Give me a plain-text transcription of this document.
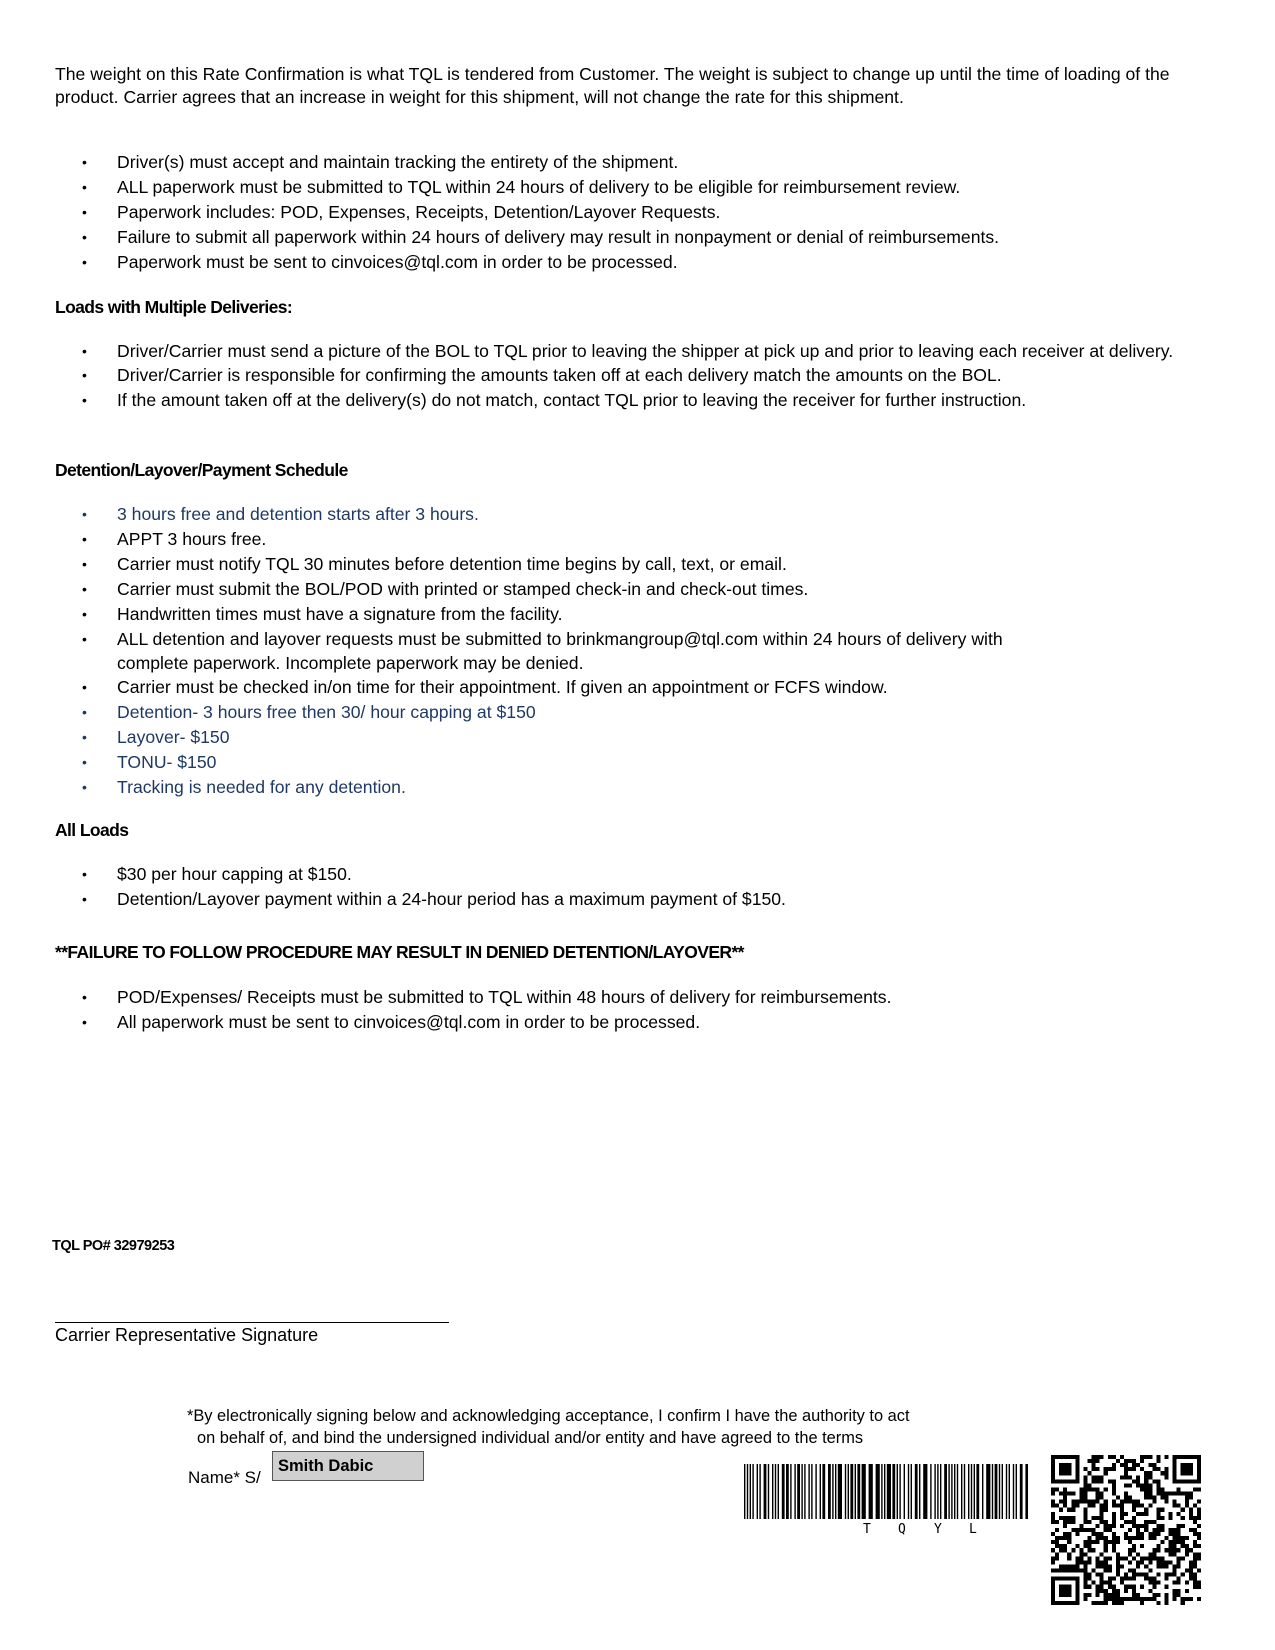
The weight on this Rate Confirmation is what TQL is tendered from Customer. The weight is subject to change up until the time of loading of the product. Carrier agrees that an increase in weight for this shipment, will not change the rate for this shipment.

• Driver(s) must accept and maintain tracking the entirety of the shipment.
• ALL paperwork must be submitted to TQL within 24 hours of delivery to be eligible for reimbursement review.
• Paperwork includes: POD, Expenses, Receipts, Detention/Layover Requests.
• Failure to submit all paperwork within 24 hours of delivery may result in nonpayment or denial of reimbursements.
• Paperwork must be sent to cinvoices@tql.com in order to be processed.
Loads with Multiple Deliveries:
• Driver/Carrier must send a picture of the BOL to TQL prior to leaving the shipper at pick up and prior to leaving each receiver at delivery.
• Driver/Carrier is responsible for confirming the amounts taken off at each delivery match the amounts on the BOL.
• If the amount taken off at the delivery(s) do not match, contact TQL prior to leaving the receiver for further instruction.
Detention/Layover/Payment Schedule
• 3 hours free and detention starts after 3 hours.
• APPT 3 hours free.
• Carrier must notify TQL 30 minutes before detention time begins by call, text, or email.
• Carrier must submit the BOL/POD with printed or stamped check-in and check-out times.
• Handwritten times must have a signature from the facility.
• ALL detention and layover requests must be submitted to brinkmangroup@tql.com within 24 hours of delivery with complete paperwork. Incomplete paperwork may be denied.
• Carrier must be checked in/on time for their appointment. If given an appointment or FCFS window.
• Detention- 3 hours free then 30/ hour capping at $150
• Layover- $150
• TONU- $150
• Tracking is needed for any detention.
All Loads
• $30 per hour capping at $150.
• Detention/Layover payment within a 24-hour period has a maximum payment of $150.
**FAILURE TO FOLLOW PROCEDURE MAY RESULT IN DENIED DETENTION/LAYOVER**
• POD/Expenses/ Receipts must be submitted to TQL within 48 hours of delivery for reimbursements.
• All paperwork must be sent to cinvoices@tql.com in order to be processed.
TQL PO# 32979253
Carrier Representative Signature
*By electronically signing below and acknowledging acceptance, I confirm I have the authority to act
on behalf of, and bind the undersigned individual and/or entity and have agreed to the terms
Name* S/
Smith Dabic
T Q Y L
